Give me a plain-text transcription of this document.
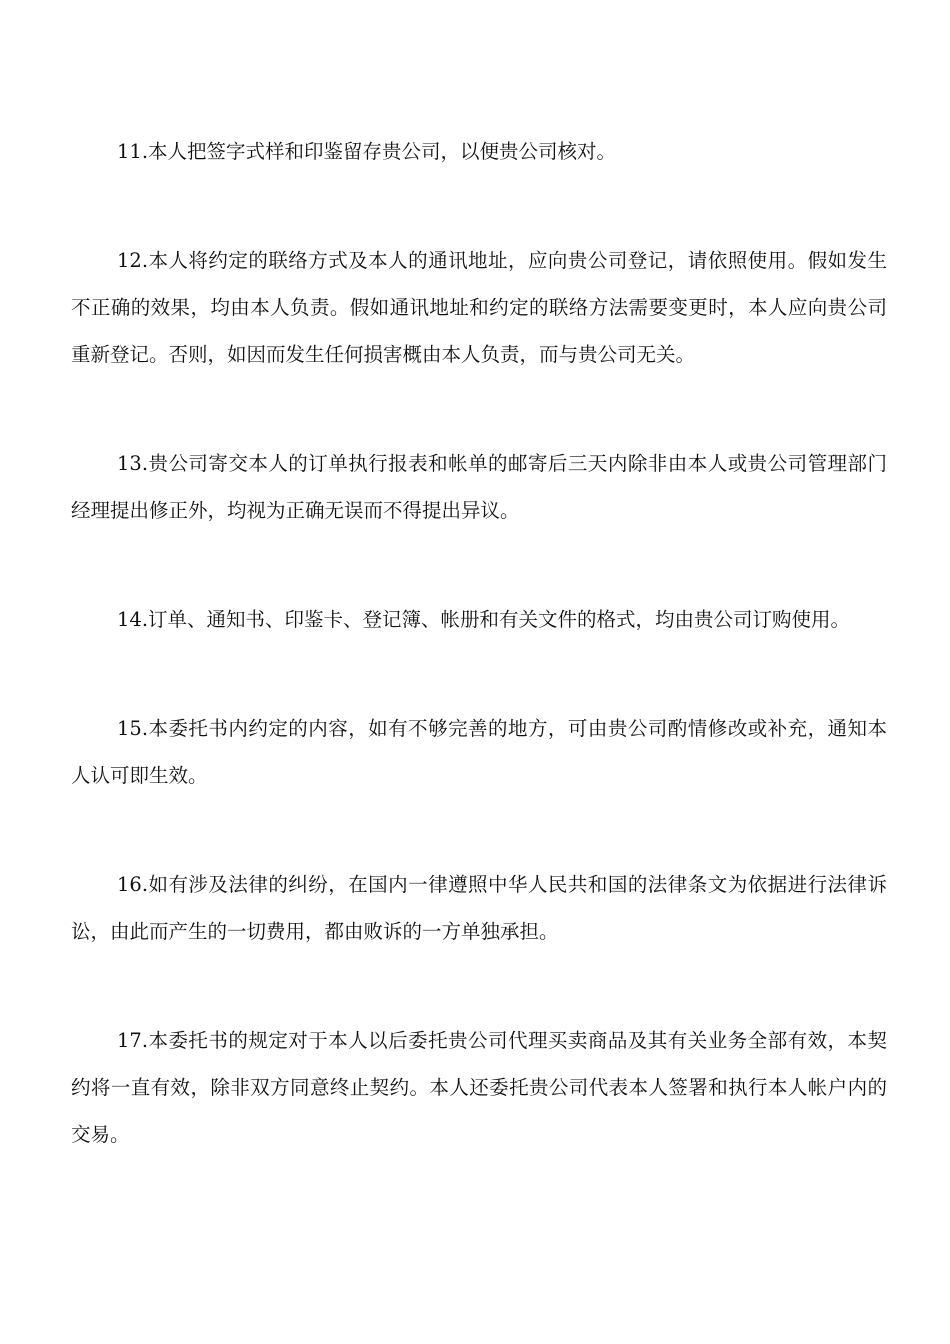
11.本人把签字式样和印鉴留存贵公司，以便贵公司核对。

12.本人将约定的联络方式及本人的通讯地址，应向贵公司登记，请依照使用。假如发生不正确的效果，均由本人负责。假如通讯地址和约定的联络方法需要变更时，本人应向贵公司重新登记。否则，如因而发生任何损害概由本人负责，而与贵公司无关。

13.贵公司寄交本人的订单执行报表和帐单的邮寄后三天内除非由本人或贵公司管理部门经理提出修正外，均视为正确无误而不得提出异议。

14.订单、通知书、印鉴卡、登记簿、帐册和有关文件的格式，均由贵公司订购使用。

15.本委托书内约定的内容，如有不够完善的地方，可由贵公司酌情修改或补充，通知本人认可即生效。

16.如有涉及法律的纠纷，在国内一律遵照中华人民共和国的法律条文为依据进行法律诉讼，由此而产生的一切费用，都由败诉的一方单独承担。

17.本委托书的规定对于本人以后委托贵公司代理买卖商品及其有关业务全部有效，本契约将一直有效，除非双方同意终止契约。本人还委托贵公司代表本人签署和执行本人帐户内的交易。
